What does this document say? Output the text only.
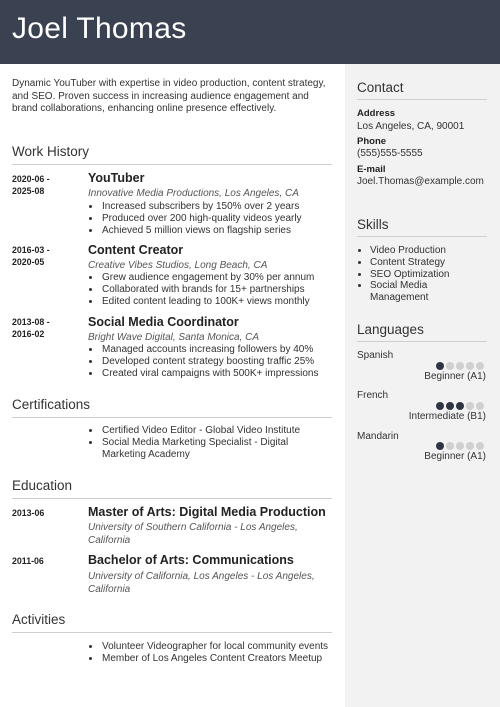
Joel Thomas
Dynamic YouTuber with expertise in video production, content strategy, and SEO. Proven success in increasing audience engagement and brand collaborations, enhancing online presence effectively.
Work History
2020-06 -
2025-08
YouTuber
Innovative Media Productions, Los Angeles, CA
• Increased subscribers by 150% over 2 years
• Produced over 200 high-quality videos yearly
• Achieved 5 million views on flagship series
2016-03 -
2020-05
Content Creator
Creative Vibes Studios, Long Beach, CA
• Grew audience engagement by 30% per annum
• Collaborated with brands for 15+ partnerships
• Edited content leading to 100K+ views monthly
2013-08 -
2016-02
Social Media Coordinator
Bright Wave Digital, Santa Monica, CA
• Managed accounts increasing followers by 40%
• Developed content strategy boosting traffic 25%
• Created viral campaigns with 500K+ impressions
Certifications
• Certified Video Editor - Global Video Institute
• Social Media Marketing Specialist - Digital Marketing Academy
Education
2013-06	Master of Arts: Digital Media Production
University of Southern California - Los Angeles, California
2011-06	Bachelor of Arts: Communications
University of California, Los Angeles - Los Angeles, California
Activities
• Volunteer Videographer for local community events
• Member of Los Angeles Content Creators Meetup
Contact
Address
Los Angeles, CA, 90001
Phone
(555)555-5555
E-mail
Joel.Thomas@example.com
Skills
• Video Production
• Content Strategy
• SEO Optimization
• Social Media Management
Languages
Spanish
Beginner (A1)
French
Intermediate (B1)
Mandarin
Beginner (A1)
